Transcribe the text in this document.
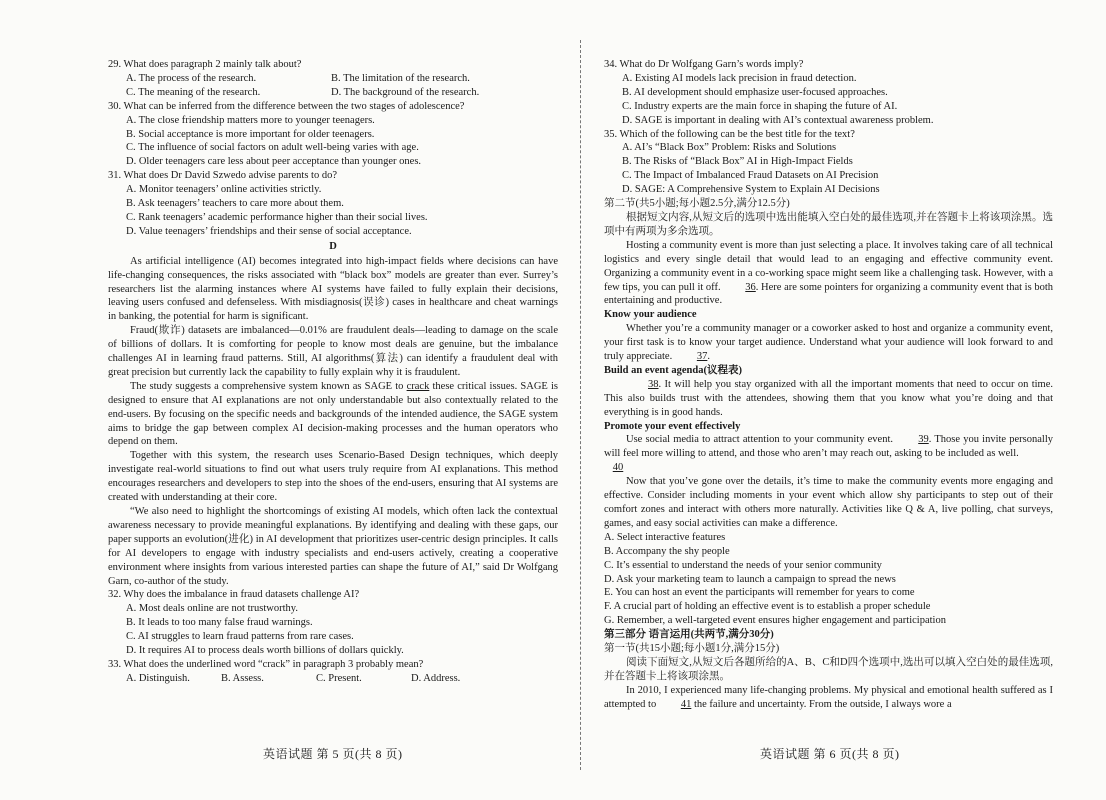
29. What does paragraph 2 mainly talk about?

A. The process of the research.	B. The limitation of the research.
C. The meaning of the research.	D. The background of the research.

30. What can be inferred from the difference between the two stages of adolescence?

A. The close friendship matters more to younger teenagers.

B. Social acceptance is more important for older teenagers.

C. The influence of social factors on adult well-being varies with age.

D. Older teenagers care less about peer acceptance than younger ones.

31. What does Dr David Szwedo advise parents to do?

A. Monitor teenagers’ online activities strictly.

B. Ask teenagers’ teachers to care more about them.

C. Rank teenagers’ academic performance higher than their social lives.

D. Value teenagers’ friendships and their sense of social acceptance.

D

As artificial intelligence (AI) becomes integrated into high-impact fields where decisions can have life-changing consequences, the risks associated with “black box” models are greater than ever. Surrey’s researchers list the alarming instances where AI systems have failed to fully explain their decisions, leaving users confused and defenseless. With misdiagnosis(误诊) cases in healthcare and cheat warnings in banking, the potential for harm is significant.

Fraud(欺诈) datasets are imbalanced—0.01% are fraudulent deals—leading to damage on the scale of billions of dollars. It is comforting for people to know most deals are genuine, but the imbalance challenges AI in learning fraud patterns. Still, AI algorithms(算法) can identify a fraudulent deal with great precision but currently lack the capability to fully explain why it is fraudulent.

The study suggests a comprehensive system known as SAGE to crack these critical issues. SAGE is designed to ensure that AI explanations are not only understandable but also contextually related to the end-users. By focusing on the specific needs and backgrounds of the intended audience, the SAGE system aims to bridge the gap between complex AI decision-making processes and the human operators who depend on them.

Together with this system, the research uses Scenario-Based Design techniques, which deeply investigate real-world situations to find out what users truly require from AI explanations. This method encourages researchers and developers to step into the shoes of the end-users, ensuring that AI systems are created with understanding at their core.

“We also need to highlight the shortcomings of existing AI models, which often lack the contextual awareness necessary to provide meaningful explanations. By identifying and dealing with these gaps, our paper supports an evolution(进化) in AI development that prioritizes user-centric design principles. It calls for AI developers to engage with industry specialists and end-users actively, creating a cooperative environment where insights from various interested parties can shape the future of AI,” said Dr Wolfgang Garn, co-author of the study.

32. Why does the imbalance in fraud datasets challenge AI?

A. Most deals online are not trustworthy.

B. It leads to too many false fraud warnings.

C. AI struggles to learn fraud patterns from rare cases.

D. It requires AI to process deals worth billions of dollars quickly.

33. What does the underlined word “crack” in paragraph 3 probably mean?

A. Distinguish.	B. Assess.	C. Present.	D. Address.

34. What do Dr Wolfgang Garn’s words imply?

A. Existing AI models lack precision in fraud detection.

B. AI development should emphasize user-focused approaches.

C. Industry experts are the main force in shaping the future of AI.

D. SAGE is important in dealing with AI’s contextual awareness problem.

35. Which of the following can be the best title for the text?

A. AI’s “Black Box” Problem: Risks and Solutions

B. The Risks of “Black Box” AI in High-Impact Fields

C. The Impact of Imbalanced Fraud Datasets on AI Precision

D. SAGE: A Comprehensive System to Explain AI Decisions

第二节(共5小题;每小题2.5分,满分12.5分)

根据短文内容,从短文后的选项中选出能填入空白处的最佳选项,并在答题卡上将该项涂黑。选项中有两项为多余选项。

Hosting a community event is more than just selecting a place. It involves taking care of all technical logistics and every single detail that would lead to an engaging and effective community event. Organizing a community event in a co-working space might seem like a challenging task. However, with a few tips, you can pull it off. 36. Here are some pointers for organizing a community event that is both entertaining and productive.

Know your audience

Whether you’re a community manager or a coworker asked to host and organize a community event, your first task is to know your target audience. Understand what your audience will look forward to and truly appreciate. 37.

Build an event agenda(议程表)

38. It will help you stay organized with all the important moments that need to occur on time. This also builds trust with the attendees, showing them that you know what you’re doing and that everything is in good hands.

Promote your event effectively

Use social media to attract attention to your community event. 39. Those you invite personally will feel more willing to attend, and those who aren’t may reach out, asking to be included as well.

40

Now that you’ve gone over the details, it’s time to make the community events more engaging and effective. Consider including moments in your event which allow shy participants to step out of their comfort zones and interact with others more naturally. Activities like Q & A, live polling, chat surveys, games, and easy social activities can make a difference.

A. Select interactive features

B. Accompany the shy people

C. It’s essential to understand the needs of your senior community

D. Ask your marketing team to launch a campaign to spread the news

E. You can host an event the participants will remember for years to come

F. A crucial part of holding an effective event is to establish a proper schedule

G. Remember, a well-targeted event ensures higher engagement and participation

第三部分 语言运用(共两节,满分30分)

第一节(共15小题;每小题1分,满分15分)

阅读下面短文,从短文后各题所给的A、B、C和D四个选项中,选出可以填入空白处的最佳选项,并在答题卡上将该项涂黑。

In 2010, I experienced many life-changing problems. My physical and emotional health suffered as I attempted to 41 the failure and uncertainty. From the outside, I always wore a

英语试题 第 5 页(共 8 页)	英语试题 第 6 页(共 8 页)
